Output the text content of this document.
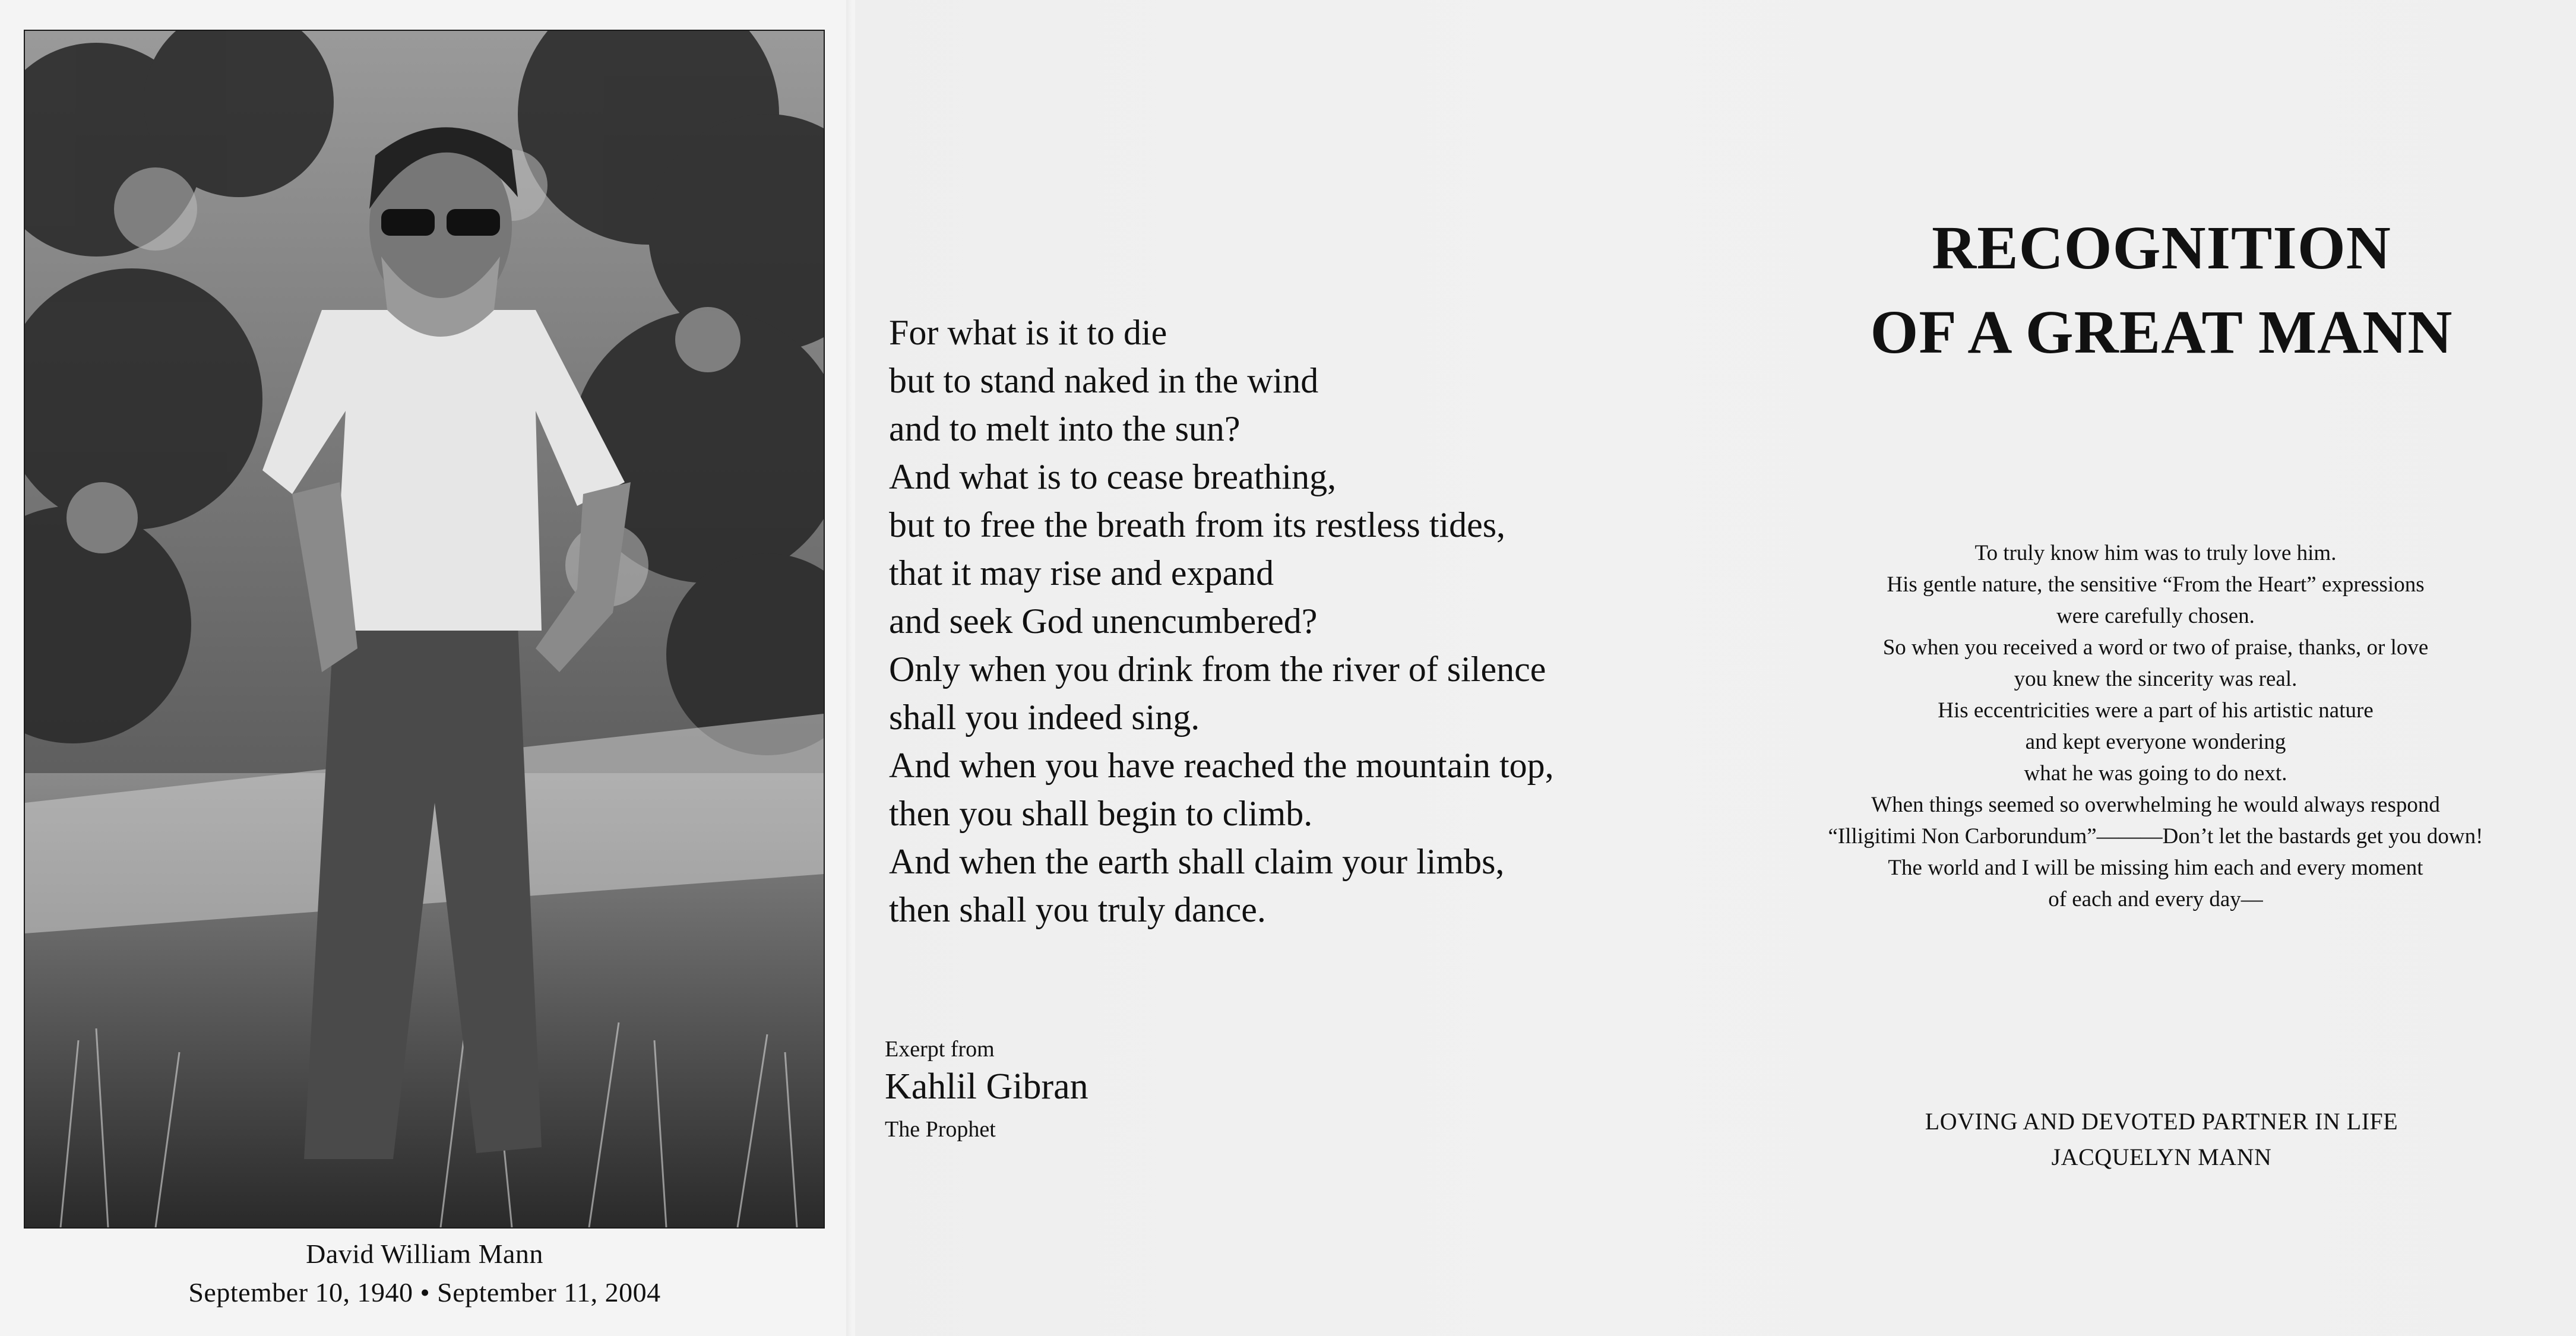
David William Mann
September 10, 1940 • September 11, 2004
For what is it to die
but to stand naked in the wind
and to melt into the sun?
And what is to cease breathing,
but to free the breath from its restless tides,
that it may rise and expand
and seek God unencumbered?
Only when you drink from the river of silence
shall you indeed sing.
And when you have reached the mountain top,
then you shall begin to climb.
And when the earth shall claim your limbs,
then shall you truly dance.
Exerpt from
Kahlil Gibran
The Prophet
RECOGNITION
OF A GREAT MANN
To truly know him was to truly love him.
His gentle nature, the sensitive “From the Heart” expressions
were carefully chosen.
So when you received a word or two of praise, thanks, or love
you knew the sincerity was real.
His eccentricities were a part of his artistic nature
and kept everyone wondering
what he was going to do next.
When things seemed so overwhelming he would always respond
“Illigitimi Non Carborundum”———Don’t let the bastards get you down!
The world and I will be missing him each and every moment
of each and every day—
LOVING AND DEVOTED PARTNER IN LIFE
JACQUELYN MANN
